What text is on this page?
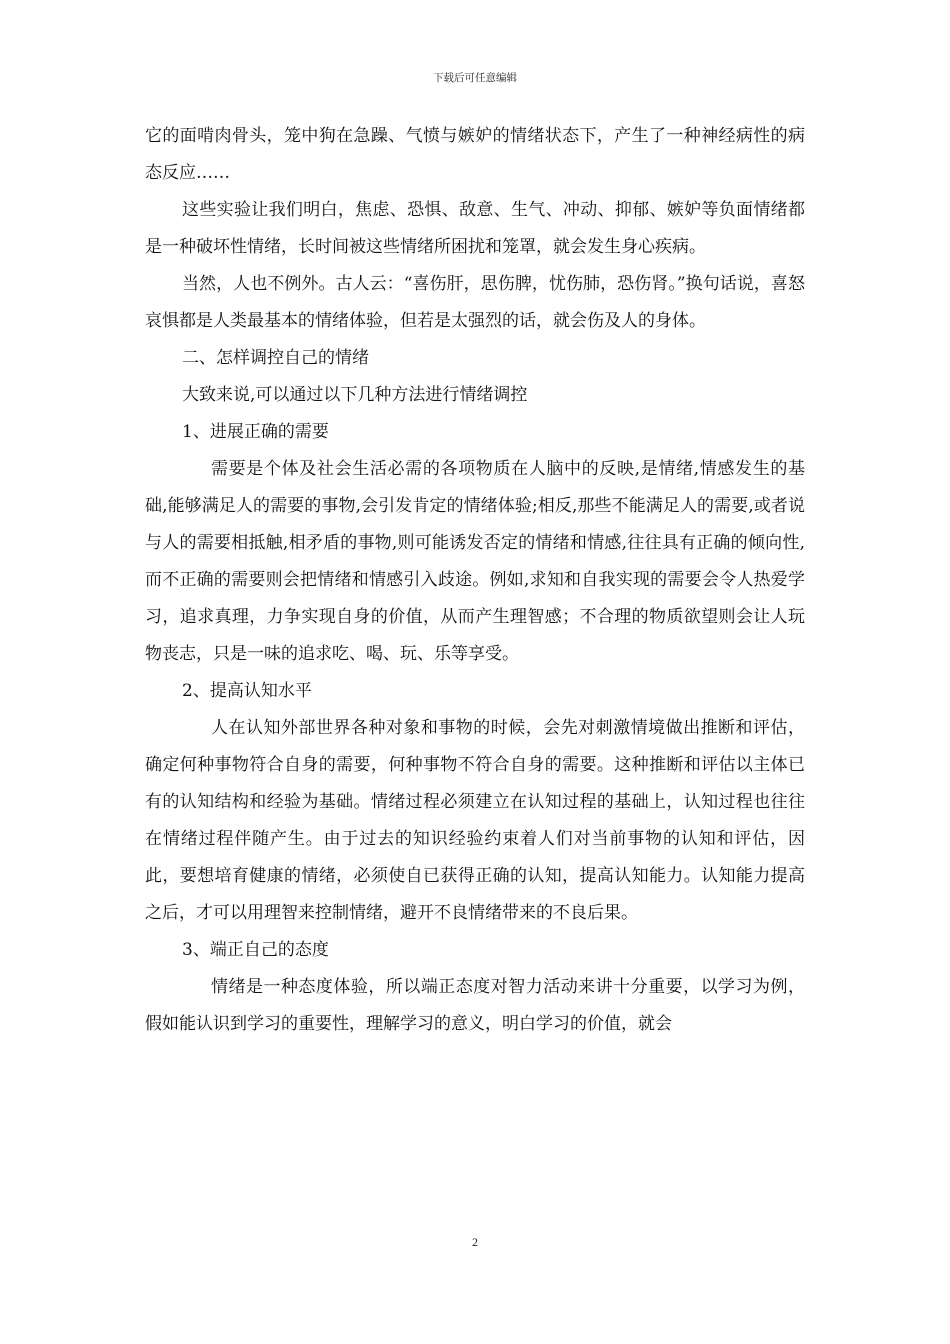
下载后可任意编辑

它的面啃肉骨头，笼中狗在急躁、气愤与嫉妒的情绪状态下，产生了一种神经病性的病态反应……

这些实验让我们明白，焦虑、恐惧、敌意、生气、冲动、抑郁、嫉妒等负面情绪都是一种破坏性情绪，长时间被这些情绪所困扰和笼罩，就会发生身心疾病。

当然，人也不例外。古人云：“喜伤肝，思伤脾，忧伤肺，恐伤肾。”换句话说，喜怒哀惧都是人类最基本的情绪体验，但若是太强烈的话，就会伤及人的身体。

二、怎样调控自己的情绪

大致来说,可以通过以下几种方法进行情绪调控

1、进展正确的需要

需要是个体及社会生活必需的各项物质在人脑中的反映,是情绪,情感发生的基础,能够满足人的需要的事物,会引发肯定的情绪体验;相反,那些不能满足人的需要,或者说与人的需要相抵触,相矛盾的事物,则可能诱发否定的情绪和情感,往往具有正确的倾向性,而不正确的需要则会把情绪和情感引入歧途。例如,求知和自我实现的需要会令人热爱学习，追求真理，力争实现自身的价值，从而产生理智感；不合理的物质欲望则会让人玩物丧志，只是一味的追求吃、喝、玩、乐等享受。

2、提高认知水平

人在认知外部世界各种对象和事物的时候，会先对刺激情境做出推断和评估，确定何种事物符合自身的需要，何种事物不符合自身的需要。这种推断和评估以主体已有的认知结构和经验为基础。情绪过程必须建立在认知过程的基础上，认知过程也往往在情绪过程伴随产生。由于过去的知识经验约束着人们对当前事物的认知和评估，因此，要想培育健康的情绪，必须使自已获得正确的认知，提高认知能力。认知能力提高之后，才可以用理智来控制情绪，避开不良情绪带来的不良后果。

3、端正自己的态度

情绪是一种态度体验，所以端正态度对智力活动来讲十分重要，以学习为例，假如能认识到学习的重要性，理解学习的意义，明白学习的价值，就会

2
